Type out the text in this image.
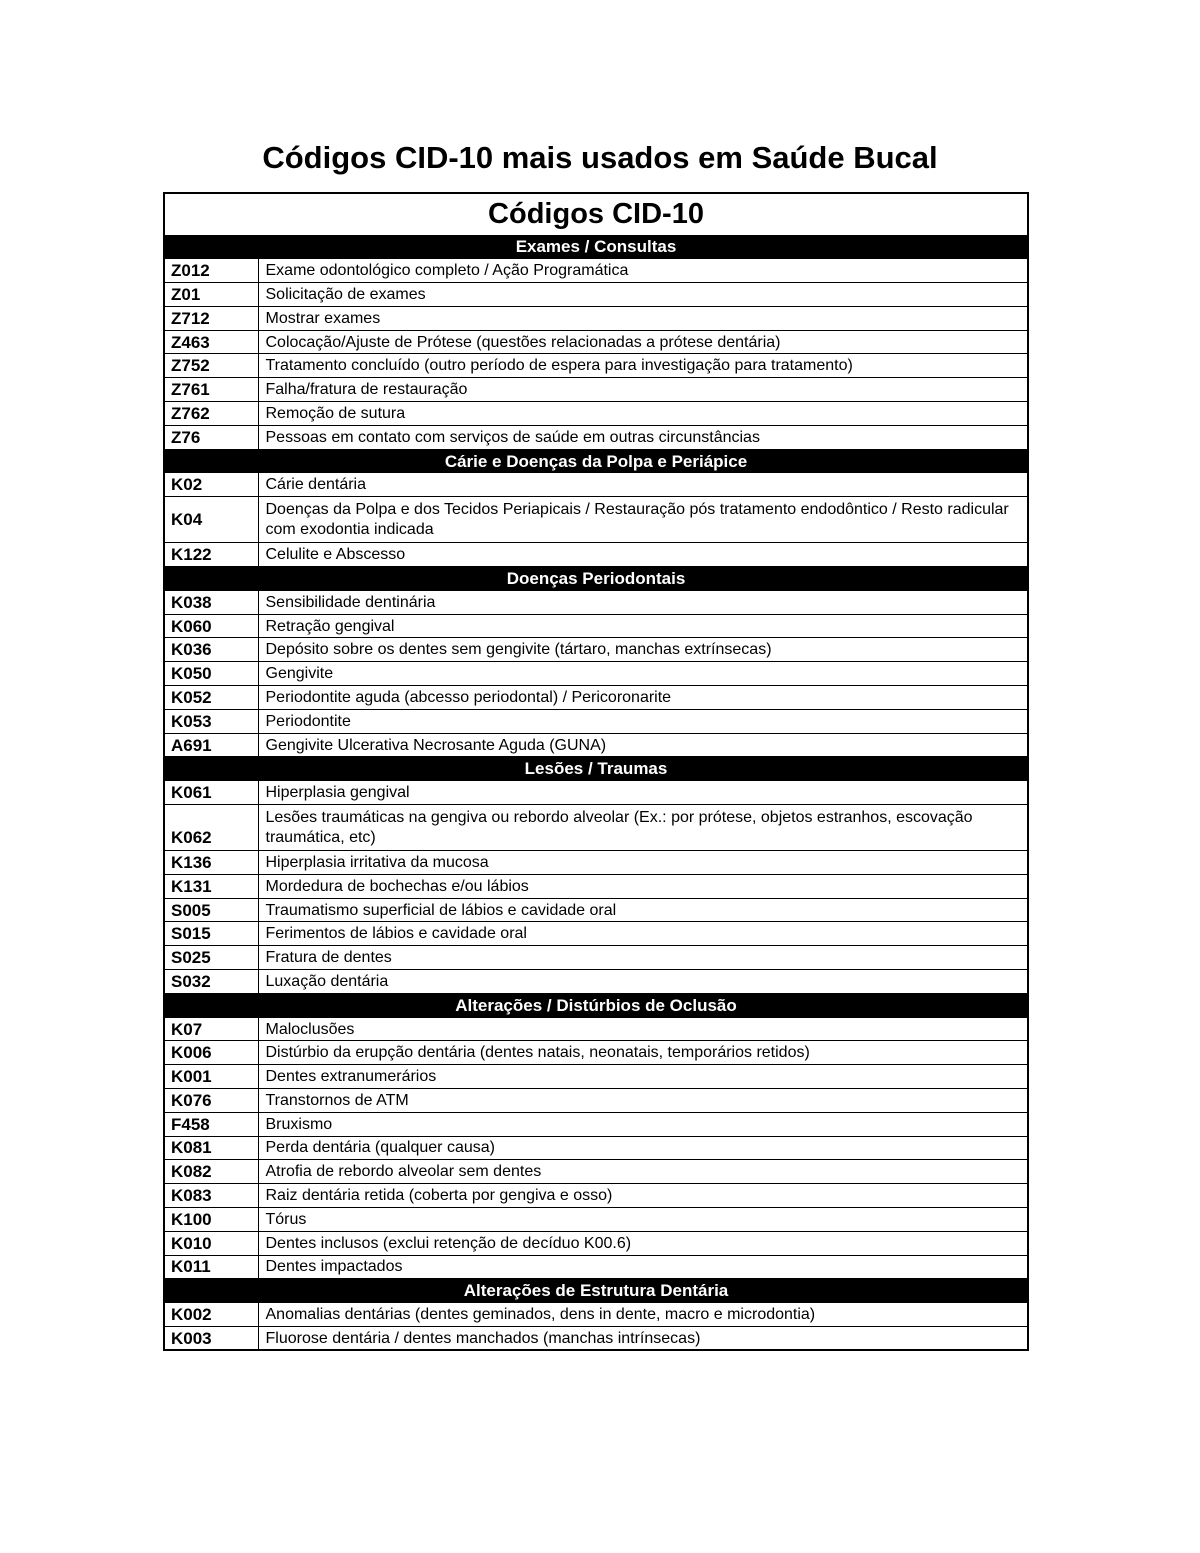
Códigos CID-10 mais usados em Saúde Bucal
Códigos CID-10	
Exames / Consultas	
Z012	Exame odontológico completo / Ação Programática
Z01	Solicitação de exames
Z712	Mostrar exames
Z463	Colocação/Ajuste de Prótese (questões relacionadas a prótese dentária)
Z752	Tratamento concluído (outro período de espera para investigação para tratamento)
Z761	Falha/fratura de restauração
Z762	Remoção de sutura
Z76	Pessoas em contato com serviços de saúde em outras circunstâncias
Cárie e Doenças da Polpa e Periápice	
K02	Cárie dentária
K04	Doenças da Polpa e dos Tecidos Periapicais / Restauração pós tratamento endodôntico / Resto radicular com exodontia indicada
K122	Celulite e Abscesso
Doenças Periodontais	
K038	Sensibilidade dentinária
K060	Retração gengival
K036	Depósito sobre os dentes sem gengivite (tártaro, manchas extrínsecas)
K050	Gengivite
K052	Periodontite aguda (abcesso periodontal) / Pericoronarite
K053	Periodontite
A691	Gengivite Ulcerativa Necrosante Aguda (GUNA)
Lesões / Traumas	
K061	Hiperplasia gengival
K062	Lesões traumáticas na gengiva ou rebordo alveolar (Ex.: por prótese, objetos estranhos, escovação traumática, etc)
K136	Hiperplasia irritativa da mucosa
K131	Mordedura de bochechas e/ou lábios
S005	Traumatismo superficial de lábios e cavidade oral
S015	Ferimentos de lábios e cavidade oral
S025	Fratura de dentes
S032	Luxação dentária
Alterações / Distúrbios de Oclusão	
K07	Maloclusões
K006	Distúrbio da erupção dentária (dentes natais, neonatais, temporários retidos)
K001	Dentes extranumerários
K076	Transtornos de ATM
F458	Bruxismo
K081	Perda dentária (qualquer causa)
K082	Atrofia de rebordo alveolar sem dentes
K083	Raiz dentária retida (coberta por gengiva e osso)
K100	Tórus
K010	Dentes inclusos (exclui retenção de decíduo K00.6)
K011	Dentes impactados
Alterações de Estrutura Dentária	
K002	Anomalias dentárias (dentes geminados, dens in dente, macro e microdontia)
K003	Fluorose dentária / dentes manchados (manchas intrínsecas)
